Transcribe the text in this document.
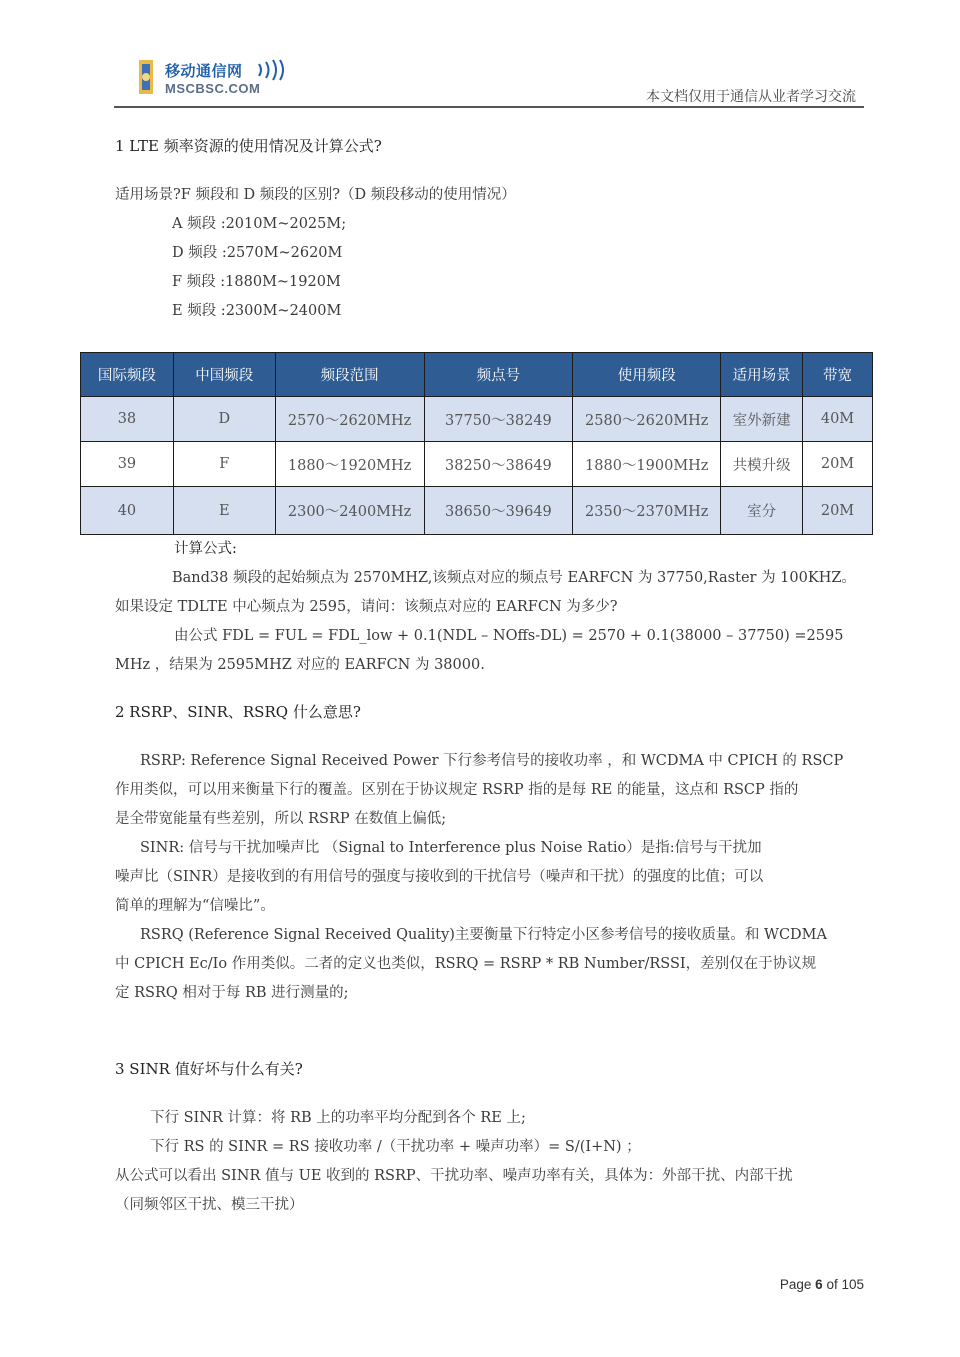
移动通信网
MSCBSC.COM
本文档仅用于通信从业者学习交流
1 LTE 频率资源的使用情况及计算公式?
适用场景?F 频段和 D 频段的区别?（D 频段移动的使用情况）
A 频段 :2010M~2025M;
D 频段 :2570M~2620M
F 频段 :1880M~1920M
E 频段 :2300M~2400M
国际频段	中国频段	频段范围	频点号	使用频段	适用场景	带宽
38	D	2570～2620MHz	37750～38249	2580～2620MHz	室外新建	40M
39	F	1880～1920MHz	38250～38649	1880～1900MHz	共模升级	20M
40	E	2300～2400MHz	38650～39649	2350～2370MHz	室分	20M
计算公式:
Band38 频段的起始频点为 2570MHZ,该频点对应的频点号 EARFCN 为 37750,Raster 为 100KHZ。
如果设定 TDLTE 中心频点为 2595，请问：该频点对应的 EARFCN 为多少?
由公式 FDL = FUL = FDL_low + 0.1(NDL – NOffs-DL) = 2570 + 0.1(38000 – 37750) =2595
MHz ，结果为 2595MHZ 对应的 EARFCN 为 38000.
2 RSRP、SINR、RSRQ 什么意思?
RSRP: Reference Signal Received Power 下行参考信号的接收功率 ，和 WCDMA 中 CPICH 的 RSCP
作用类似，可以用来衡量下行的覆盖。区别在于协议规定 RSRP 指的是每 RE 的能量，这点和 RSCP 指的
是全带宽能量有些差别，所以 RSRP 在数值上偏低;
SINR: 信号与干扰加噪声比 （Signal to Interference plus Noise Ratio）是指:信号与干扰加
噪声比（SINR）是接收到的有用信号的强度与接收到的干扰信号（噪声和干扰）的强度的比值；可以
简单的理解为“信噪比”。
RSRQ (Reference Signal Received Quality)主要衡量下行特定小区参考信号的接收质量。和 WCDMA
中 CPICH Ec/Io 作用类似。二者的定义也类似，RSRQ = RSRP * RB Number/RSSI，差别仅在于协议规
定 RSRQ 相对于每 RB 进行测量的;
3 SINR 值好坏与什么有关?
下行 SINR 计算：将 RB 上的功率平均分配到各个 RE 上;
下行 RS 的 SINR = RS 接收功率 /（干扰功率 + 噪声功率）= S/(I+N) ；
从公式可以看出 SINR 值与 UE 收到的 RSRP、干扰功率、噪声功率有关，具体为：外部干扰、内部干扰
（同频邻区干扰、模三干扰）
Page 6 of 105
